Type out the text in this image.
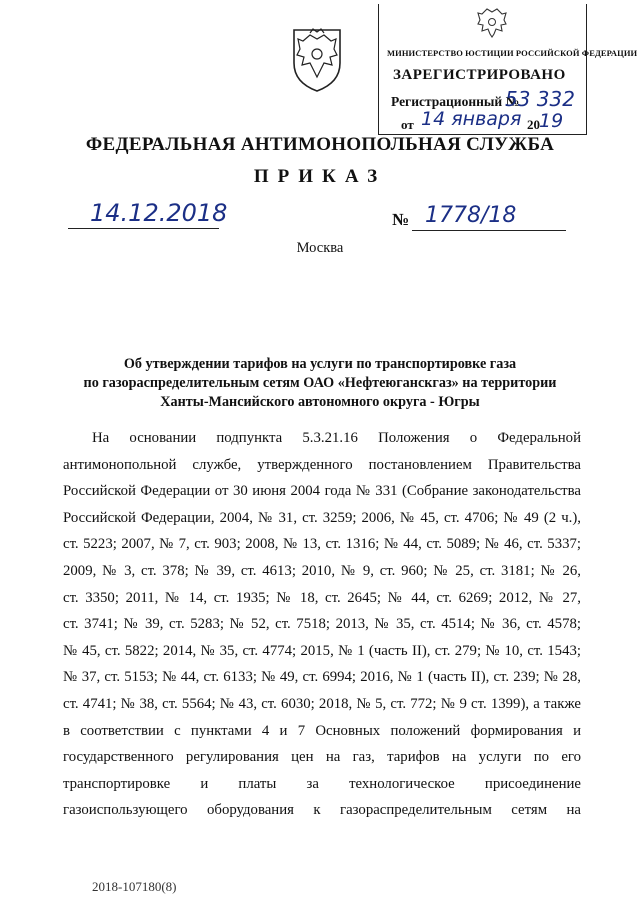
МИНИСТЕРСТВО ЮСТИЦИИ РОССИЙСКОЙ ФЕДЕРАЦИИ
ЗАРЕГИСТРИРОВАНО
Регистрационный №
53 332
от 14 января 20 19
ФЕДЕРАЛЬНАЯ АНТИМОНОПОЛЬНАЯ СЛУЖБА
ПРИКАЗ
14.12.2018	№ 1778/18
Москва
Об утверждении тарифов на услуги по транспортировке газа
по газораспределительным сетям ОАО «Нефтеюганскгаз» на территории
Ханты-Мансийского автономного округа - Югры
На основании подпункта 5.3.21.16 Положения о Федеральной
антимонопольной службе, утвержденного постановлением Правительства
Российской Федерации от 30 июня 2004 года № 331 (Собрание законодательства
Российской Федерации, 2004, № 31, ст. 3259; 2006, № 45, ст. 4706; № 49 (2 ч.),
ст. 5223; 2007, № 7, ст. 903; 2008, № 13, ст. 1316; № 44, ст. 5089; № 46, ст. 5337;
2009, № 3, ст. 378; № 39, ст. 4613; 2010, № 9, ст. 960; № 25, ст. 3181; № 26,
ст. 3350; 2011, № 14, ст. 1935; № 18, ст. 2645; № 44, ст. 6269; 2012, № 27,
ст. 3741; № 39, ст. 5283; № 52, ст. 7518; 2013, № 35, ст. 4514; № 36, ст. 4578;
№ 45, ст. 5822; 2014, № 35, ст. 4774; 2015, № 1 (часть II), ст. 279; № 10, ст. 1543;
№ 37, ст. 5153; № 44, ст. 6133; № 49, ст. 6994; 2016, № 1 (часть II), ст. 239; № 28,
ст. 4741; № 38, ст. 5564; № 43, ст. 6030; 2018, № 5, ст. 772; № 9 ст. 1399), а также
в соответствии с пунктами 4 и 7 Основных положений формирования и
государственного регулирования цен на газ, тарифов на услуги по его
транспортировке и платы за технологическое присоединение
газоиспользующего оборудования к газораспределительным сетям на
2018-107180(8)
